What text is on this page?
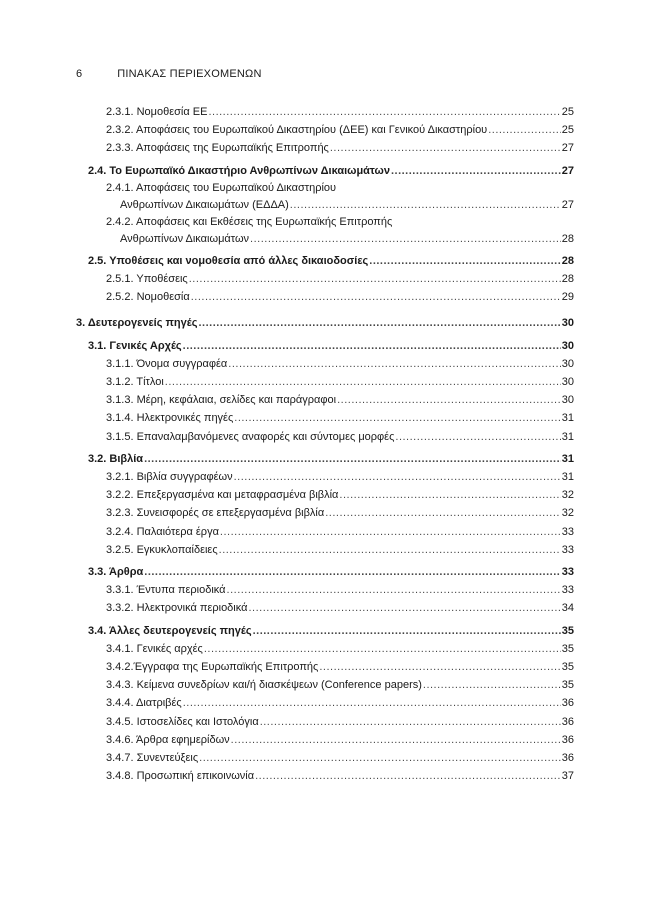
6	ΠΙΝΑΚΑΣ ΠΕΡΙΕΧΟΜΕΝΩΝ
2.3.1. Νομοθεσία ΕΕ .....	25
2.3.2. Αποφάσεις του Ευρωπαϊκού Δικαστηρίου (ΔΕΕ) και Γενικού Δικαστηρίου .....	25
2.3.3. Αποφάσεις της Ευρωπαϊκής Επιτροπής .....	27
2.4. Το Ευρωπαϊκό Δικαστήριο Ανθρωπίνων Δικαιωμάτων .....	27
2.4.1. Αποφάσεις του Ευρωπαϊκού Δικαστηρίου
Ανθρωπίνων Δικαιωμάτων (ΕΔΔΑ) .....	27
2.4.2. Αποφάσεις και Εκθέσεις της Ευρωπαϊκής Επιτροπής
Ανθρωπίνων Δικαιωμάτων .....	28
2.5. Υποθέσεις και νομοθεσία από άλλες δικαιοδοσίες .....	28
2.5.1. Υποθέσεις .....	28
2.5.2. Νομοθεσία .....	29
3. Δευτερογενείς πηγές .....	30
3.1. Γενικές Αρχές .....	30
3.1.1. Όνομα συγγραφέα .....	30
3.1.2. Τίτλοι .....	30
3.1.3. Μέρη, κεφάλαια, σελίδες και παράγραφοι .....	30
3.1.4. Ηλεκτρονικές πηγές .....	31
3.1.5. Επαναλαμβανόμενες αναφορές και σύντομες μορφές .....	31
3.2. Βιβλία .....	31
3.2.1. Βιβλία συγγραφέων .....	31
3.2.2. Επεξεργασμένα και μεταφρασμένα βιβλία .....	32
3.2.3. Συνεισφορές σε επεξεργασμένα βιβλία .....	32
3.2.4. Παλαιότερα έργα .....	33
3.2.5. Εγκυκλοπαίδειες .....	33
3.3. Άρθρα .....	33
3.3.1. Έντυπα περιοδικά .....	33
3.3.2. Ηλεκτρονικά περιοδικά .....	34
3.4. Άλλες δευτερογενείς πηγές .....	35
3.4.1. Γενικές αρχές .....	35
3.4.2.Έγγραφα της Ευρωπαϊκής Επιτροπής .....	35
3.4.3. Κείμενα συνεδρίων και/ή διασκέψεων (Conference papers) .....	35
3.4.4. Διατριβές .....	36
3.4.5. Ιστοσελίδες και Ιστολόγια .....	36
3.4.6. Άρθρα εφημερίδων .....	36
3.4.7. Συνεντεύξεις .....	36
3.4.8. Προσωπική επικοινωνία .....	37
